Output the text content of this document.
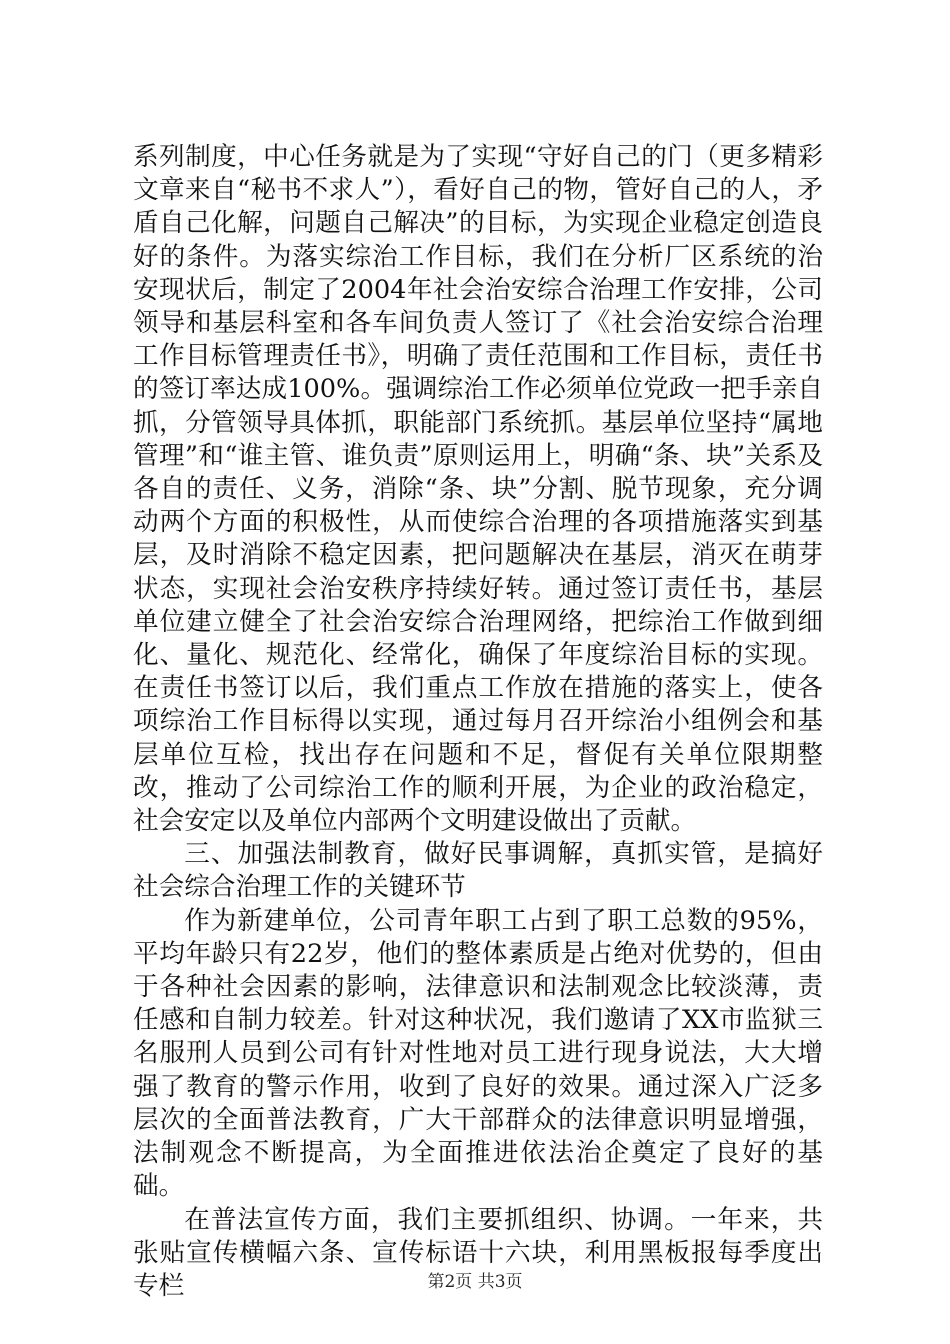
系列制度，中心任务就是为了实现“守好自己的门（更多精彩文章来自“秘书不求人”），看好自己的物，管好自己的人，矛盾自己化解，问题自己解决”的目标，为实现企业稳定创造良好的条件。为落实综治工作目标，我们在分析厂区系统的治安现状后，制定了2004年社会治安综合治理工作安排，公司领导和基层科室和各车间负责人签订了《社会治安综合治理工作目标管理责任书》，明确了责任范围和工作目标，责任书的签订率达成100%。强调综治工作必须单位党政一把手亲自抓，分管领导具体抓，职能部门系统抓。基层单位坚持“属地管理”和“谁主管、谁负责”原则运用上，明确“条、块”关系及各自的责任、义务，消除“条、块”分割、脱节现象，充分调动两个方面的积极性，从而使综合治理的各项措施落实到基层，及时消除不稳定因素，把问题解决在基层，消灭在萌芽状态，实现社会治安秩序持续好转。通过签订责任书，基层单位建立健全了社会治安综合治理网络，把综治工作做到细化、量化、规范化、经常化，确保了年度综治目标的实现。在责任书签订以后，我们重点工作放在措施的落实上，使各项综治工作目标得以实现，通过每月召开综治小组例会和基层单位互检，找出存在问题和不足，督促有关单位限期整改，推动了公司综治工作的顺利开展，为企业的政治稳定，社会安定以及单位内部两个文明建设做出了贡献。

三、加强法制教育，做好民事调解，真抓实管，是搞好社会综合治理工作的关键环节

作为新建单位，公司青年职工占到了职工总数的95%，平均年龄只有22岁，他们的整体素质是占绝对优势的，但由于各种社会因素的影响，法律意识和法制观念比较淡薄，责任感和自制力较差。针对这种状况，我们邀请了XX市监狱三名服刑人员到公司有针对性地对员工进行现身说法，大大增强了教育的警示作用，收到了良好的效果。通过深入广泛多层次的全面普法教育，广大干部群众的法律意识明显增强，法制观念不断提高，为全面推进依法治企奠定了良好的基础。

在普法宣传方面，我们主要抓组织、协调。一年来，共张贴宣传横幅六条、宣传标语十六块，利用黑板报每季度出专栏	第2页 共3页
